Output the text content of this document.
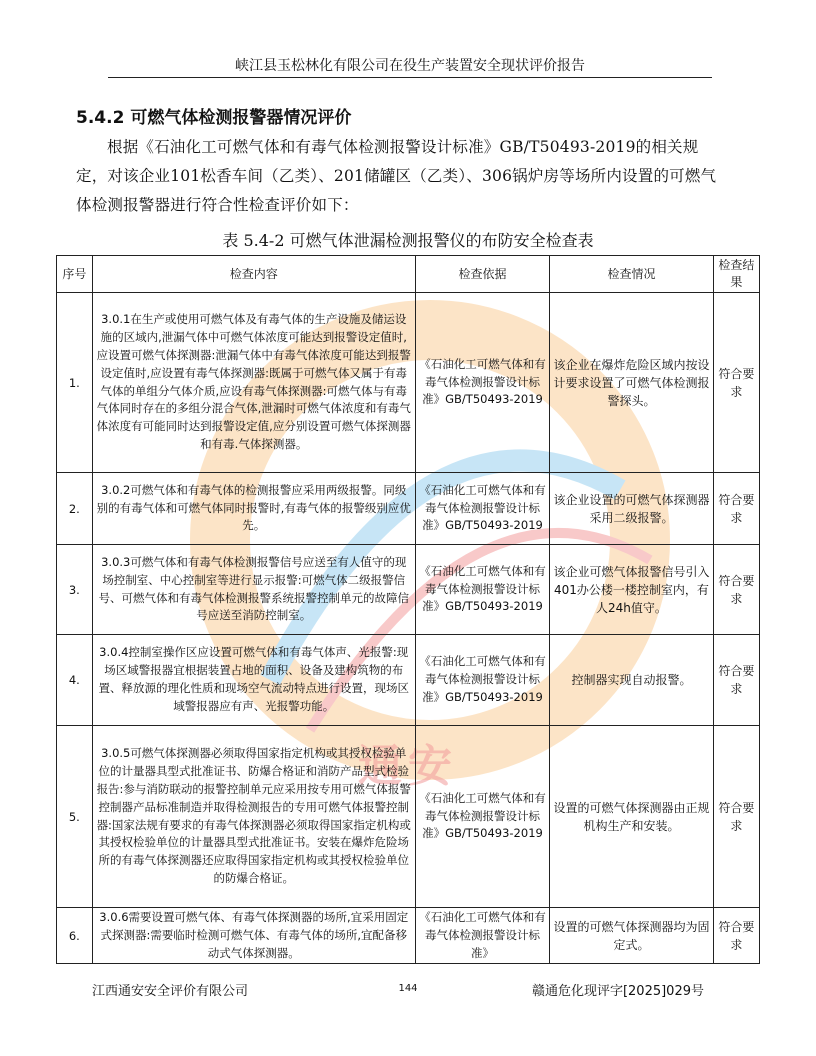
通安
峡江县玉松林化有限公司在役生产装置安全现状评价报告
5.4.2 可燃气体检测报警器情况评价
根据《石油化工可燃气体和有毒气体检测报警设计标准》GB/T50493-2019的相关规定，对该企业101松香车间（乙类）、201储罐区（乙类）、306锅炉房等场所内设置的可燃气体检测报警器进行符合性检查评价如下：
表 5.4-2 可燃气体泄漏检测报警仪的布防安全检查表
序号	检查内容	检查依据	检查情况	检查结果
1.	3.0.1在生产或使用可燃气体及有毒气体的生产设施及储运设施的区域内,泄漏气体中可燃气体浓度可能达到报警设定值时,应设置可燃气体探测器:泄漏气体中有毒气体浓度可能达到报警设定值时,应设置有毒气体探测器:既属于可燃气体又属于有毒气体的单组分气体介质,应设有毒气体探测器:可燃气体与有毒气体同时存在的多组分混合气体,泄漏时可燃气体浓度和有毒气体浓度有可能同时达到报警设定值,应分别设置可燃气体探测器和有毒.气体探测器。	《石油化工可燃气体和有毒气体检测报警设计标准》GB/T50493-2019	该企业在爆炸危险区域内按设计要求设置了可燃气体检测报警探头。	符合要求
2.	3.0.2可燃气体和有毒气体的检测报警应采用两级报警。同级别的有毒气体和可燃气体同时报警时,有毒气体的报警级别应优先。	《石油化工可燃气体和有毒气体检测报警设计标准》GB/T50493-2019	该企业设置的可燃气体探测器采用二级报警。	符合要求
3.	3.0.3可燃气体和有毒气体检测报警信号应送至有人值守的现场控制室、中心控制室等进行显示报警:可燃气体二级报警信号、可燃气体和有毒气体检测报警系统报警控制单元的故障信号应送至消防控制室。	《石油化工可燃气体和有毒气体检测报警设计标准》GB/T50493-2019	该企业可燃气体报警信号引入401办公楼一楼控制室内，有人24h值守。	符合要求
4.	3.0.4控制室操作区应设置可燃气体和有毒气体声、光报警:现场区域警报器宜根据装置占地的面积、设备及建构筑物的布置、释放源的理化性质和现场空气流动特点进行设置，现场区域警报器应有声、光报警功能。	《石油化工可燃气体和有毒气体检测报警设计标准》GB/T50493-2019	控制器实现自动报警。	符合要求
5.	3.0.5可燃气体探测器必须取得国家指定机构或其授权检验单位的计量器具型式批准证书、防爆合格证和消防产品型式检验报告:参与消防联动的报警控制单元应采用按专用可燃气体报警控制器产品标准制造并取得检测报告的专用可燃气体报警控制器:国家法规有要求的有毒气体探测器必须取得国家指定机构或其授权检验单位的计量器具型式批准证书。安装在爆炸危险场所的有毒气体探测器还应取得国家指定机构或其授权检验单位的防爆合格证。	《石油化工可燃气体和有毒气体检测报警设计标准》GB/T50493-2019	设置的可燃气体探测器由正规机构生产和安装。	符合要求
6.	3.0.6需要设置可燃气体、有毒气体探测器的场所,宜采用固定式探测器:需要临时检测可燃气体、有毒气体的场所,宜配备移动式气体探测器。	《石油化工可燃气体和有毒气体检测报警设计标准》	设置的可燃气体探测器均为固定式。	符合要求
江西通安安全评价有限公司	144	赣通危化现评字[2025]029号
